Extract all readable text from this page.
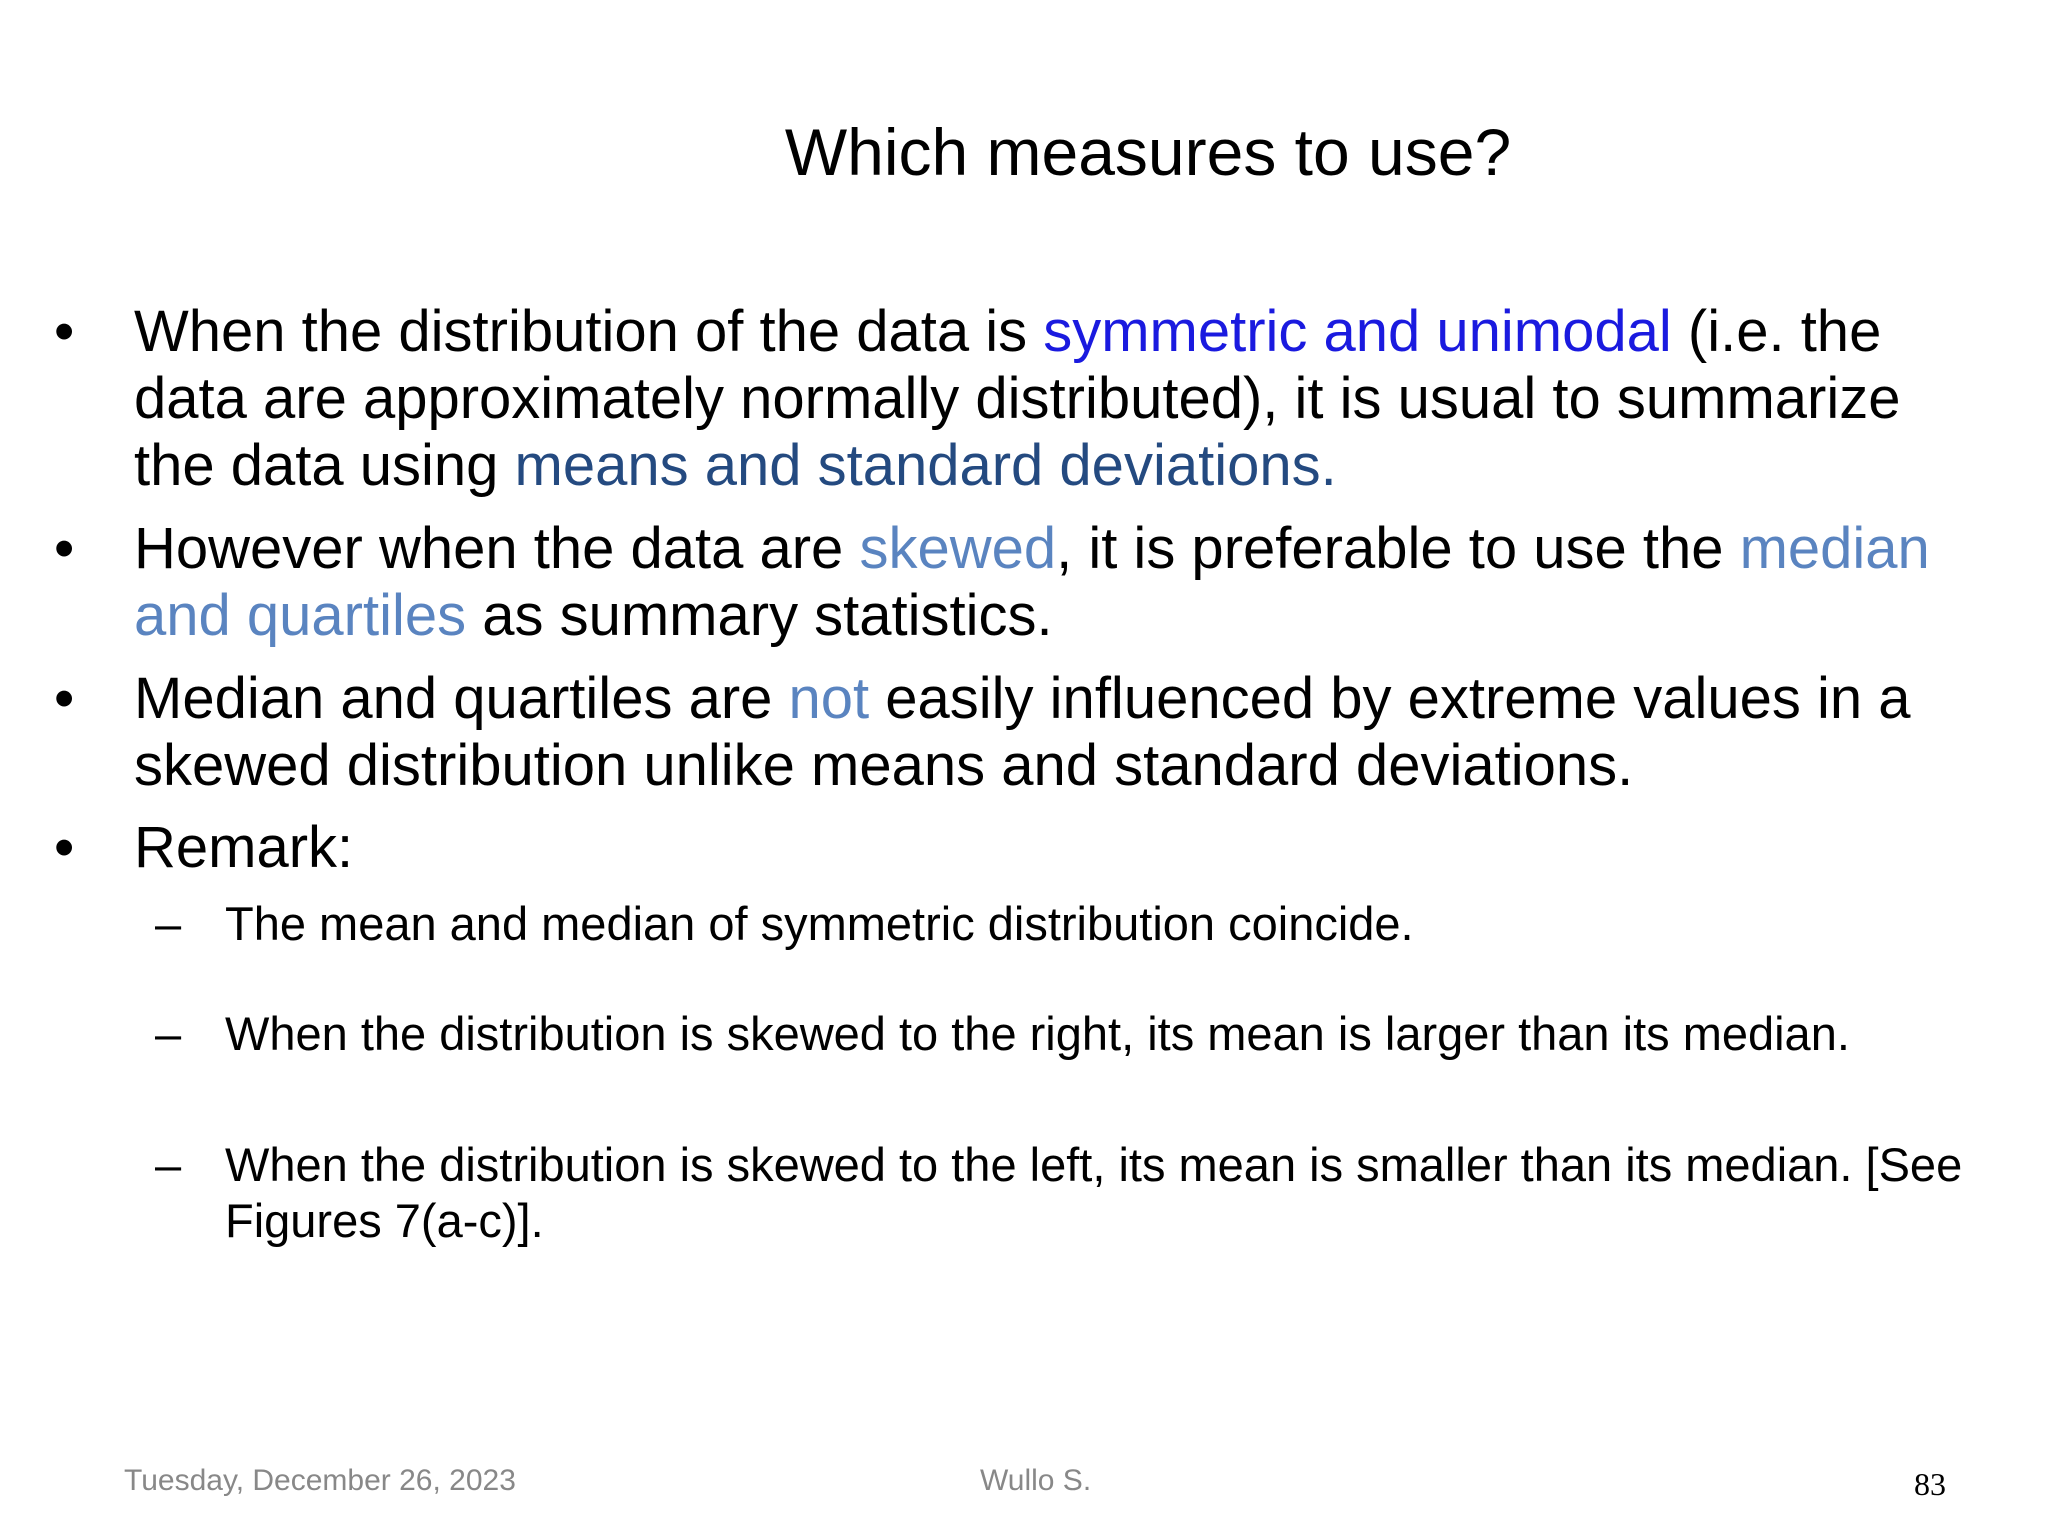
Which measures to use?
•	When the distribution of the data is symmetric and unimodal (i.e. the data are approximately normally distributed), it is usual to summarize the data using means and standard deviations.
•	However when the data are skewed, it is preferable to use the median and quartiles as summary statistics.
•	Median and quartiles are not easily influenced by extreme values in a skewed distribution unlike means and standard deviations.
•	Remark:
– The mean and median of symmetric distribution coincide.
– When the distribution is skewed to the right, its mean is larger than its median.
– When the distribution is skewed to the left, its mean is smaller than its median. [See Figures 7(a-c)].
Tuesday, December 26, 2023	Wullo S.	83
